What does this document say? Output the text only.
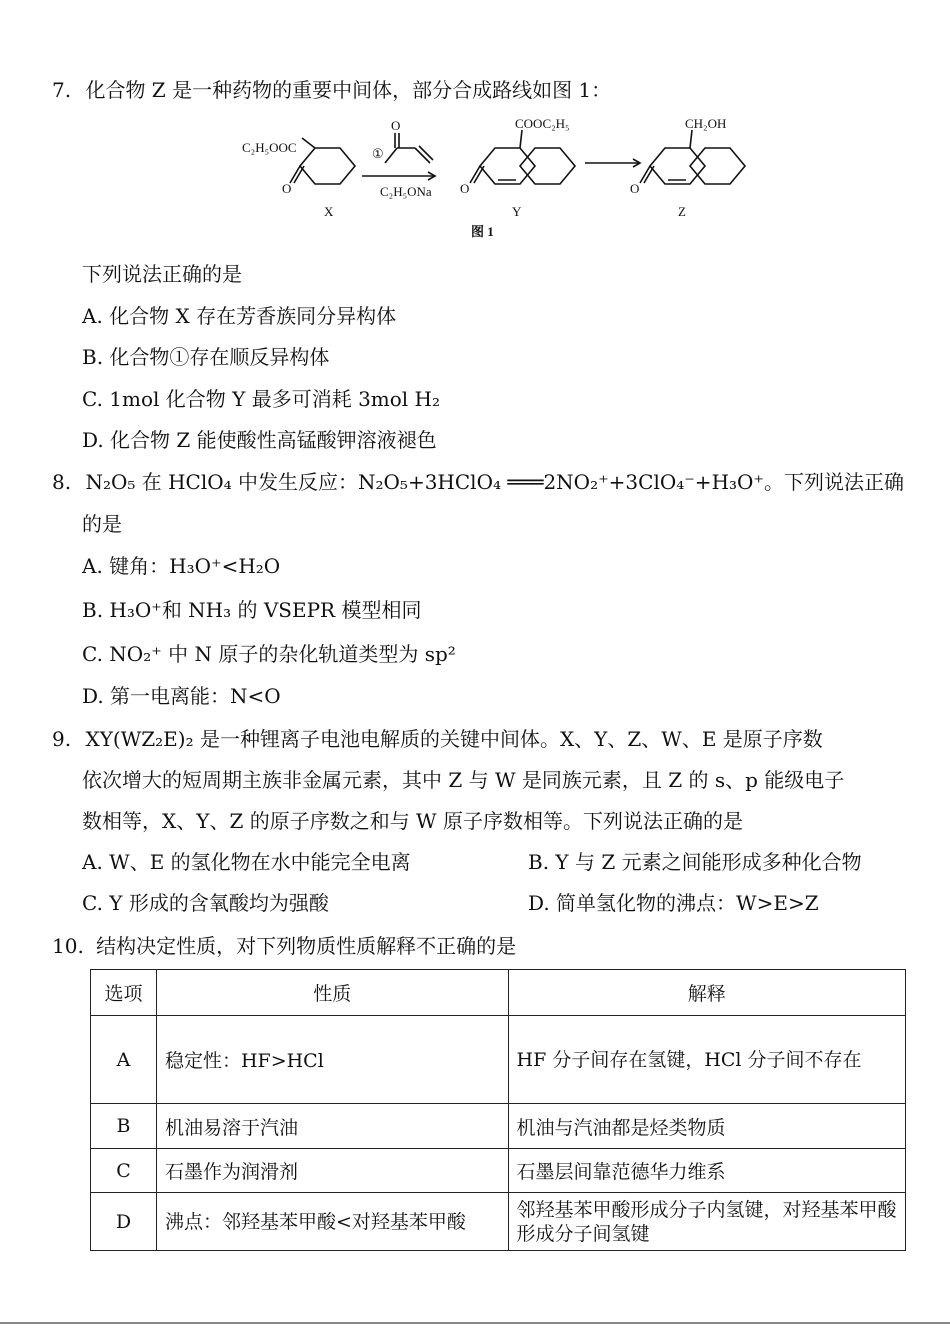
7. 化合物 Z 是一种药物的重要中间体，部分合成路线如图 1：
C₂H₅OOC
O
X
①
O
C₂H₅ONa
COOC₂H₅
O
Y
CH₂OH
O
Z
图 1
下列说法正确的是
A. 化合物 X 存在芳香族同分异构体
B. 化合物①存在顺反异构体
C. 1mol 化合物 Y 最多可消耗 3mol H₂
D. 化合物 Z 能使酸性高锰酸钾溶液褪色
8. N₂O₅ 在 HClO₄ 中发生反应：N₂O₅+3HClO₄ ═══2NO₂⁺+3ClO₄⁻+H₃O⁺。下列说法正确
的是
A. 键角：H₃O⁺<H₂O
B. H₃O⁺和 NH₃ 的 VSEPR 模型相同
C. NO₂⁺ 中 N 原子的杂化轨道类型为 sp²
D. 第一电离能：N<O
9. XY(WZ₂E)₂ 是一种锂离子电池电解质的关键中间体。X、Y、Z、W、E 是原子序数
依次增大的短周期主族非金属元素，其中 Z 与 W 是同族元素，且 Z 的 s、p 能级电子
数相等，X、Y、Z 的原子序数之和与 W 原子序数相等。下列说法正确的是
A. W、E 的氢化物在水中能完全电离	B. Y 与 Z 元素之间能形成多种化合物
C. Y 形成的含氧酸均为强酸	D. 简单氢化物的沸点：W>E>Z
10. 结构决定性质，对下列物质性质解释不正确的是
选项	性质	解释
A	稳定性：HF>HCl	HF 分子间存在氢键，HCl 分子间不存在
B	机油易溶于汽油	机油与汽油都是烃类物质
C	石墨作为润滑剂	石墨层间靠范德华力维系
D	沸点：邻羟基苯甲酸<对羟基苯甲酸	邻羟基苯甲酸形成分子内氢键，对羟基苯甲酸形成分子间氢键
